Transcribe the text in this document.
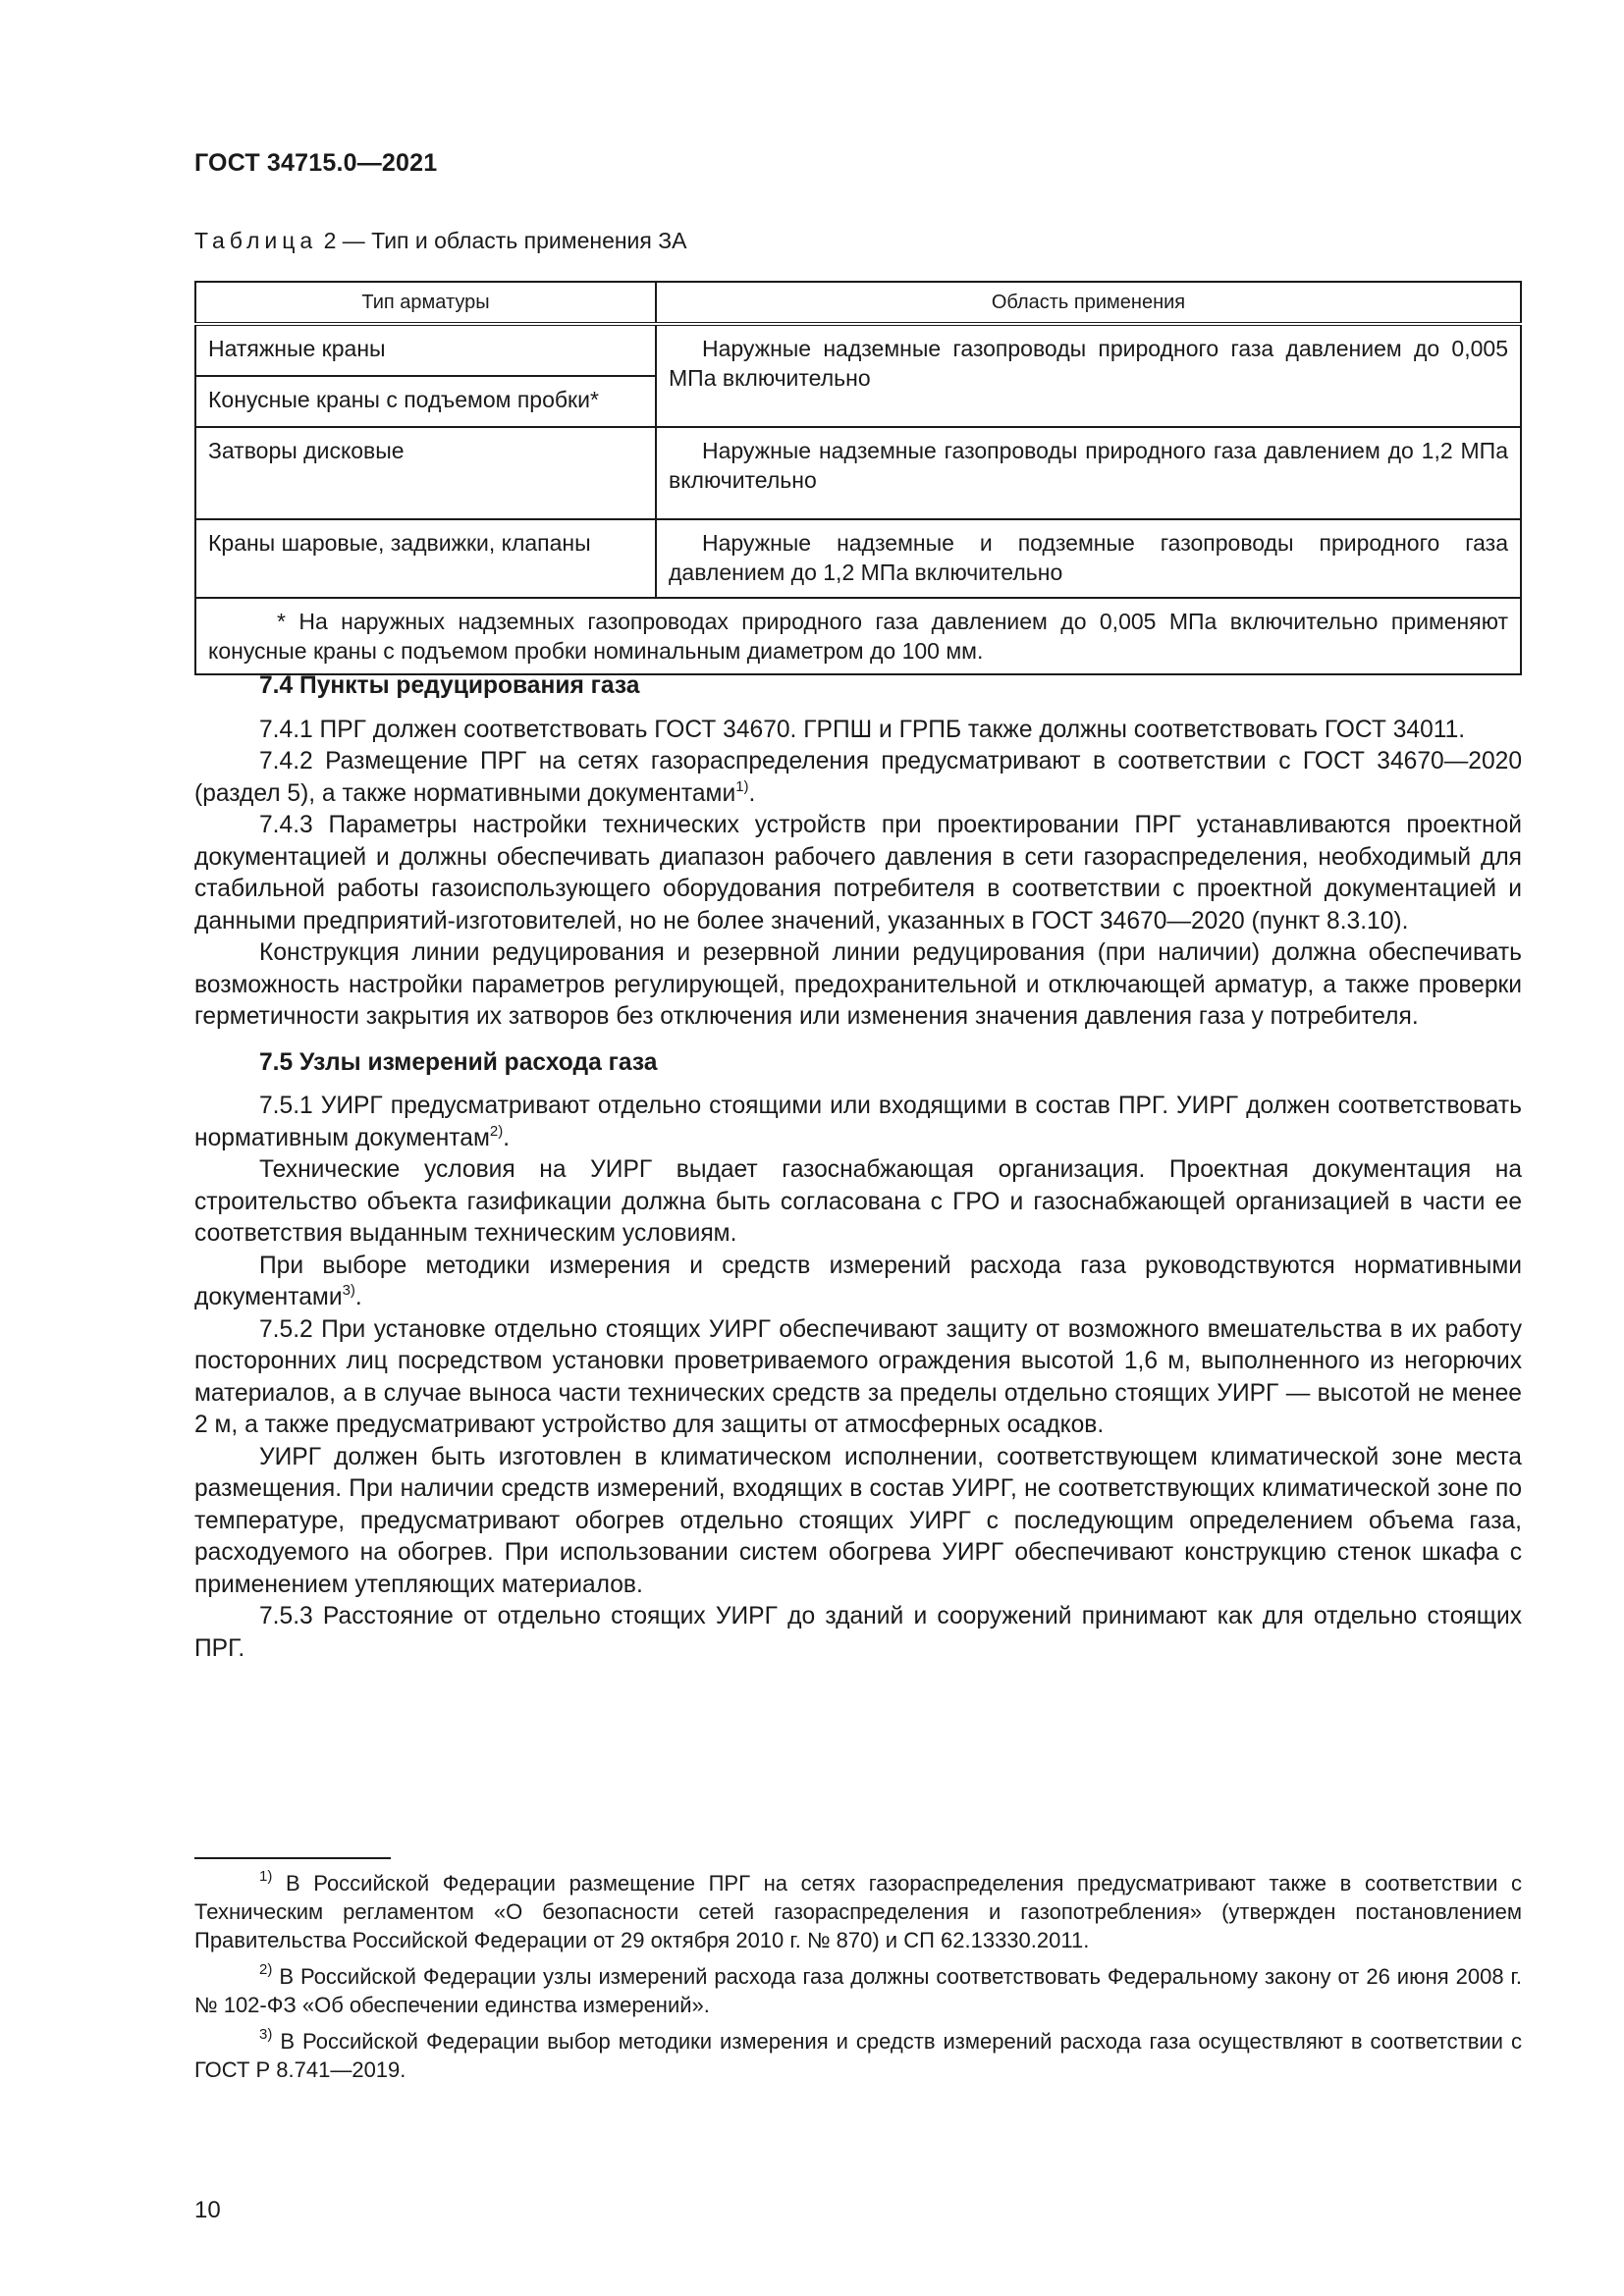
ГОСТ 34715.0—2021
Таблица 2 — Тип и область применения ЗА
Тип арматуры	Область применения
Натяжные краны	Наружные надземные газопроводы природного газа давлением до 0,005 МПа включительно
Конусные краны с подъемом пробки*	
Затворы дисковые	Наружные надземные газопроводы природного газа давлением до 1,2 МПа включительно
Краны шаровые, задвижки, клапаны	Наружные надземные и подземные газопроводы природного газа давлением до 1,2 МПа включительно
* На наружных надземных газопроводах природного газа давлением до 0,005 МПа включительно применяют конусные краны с подъемом пробки номинальным диаметром до 100 мм.	
7.4 Пункты редуцирования газа

7.4.1 ПРГ должен соответствовать ГОСТ 34670. ГРПШ и ГРПБ также должны соответствовать ГОСТ 34011.

7.4.2 Размещение ПРГ на сетях газораспределения предусматривают в соответствии с ГОСТ 34670—2020 (раздел 5), а также нормативными документами$^{1)}$.

7.4.3 Параметры настройки технических устройств при проектировании ПРГ устанавливаются проектной документацией и должны обеспечивать диапазон рабочего давления в сети газораспределения, необходимый для стабильной работы газоиспользующего оборудования потребителя в соответствии с проектной документацией и данными предприятий-изготовителей, но не более значений, указанных в ГОСТ 34670—2020 (пункт 8.3.10).

Конструкция линии редуцирования и резервной линии редуцирования (при наличии) должна обеспечивать возможность настройки параметров регулирующей, предохранительной и отключающей арматур, а также проверки герметичности закрытия их затворов без отключения или изменения значения давления газа у потребителя.

7.5 Узлы измерений расхода газа

7.5.1 УИРГ предусматривают отдельно стоящими или входящими в состав ПРГ. УИРГ должен соответствовать нормативным документам$^{2)}$.

Технические условия на УИРГ выдает газоснабжающая организация. Проектная документация на строительство объекта газификации должна быть согласована с ГРО и газоснабжающей организацией в части ее соответствия выданным техническим условиям.

При выборе методики измерения и средств измерений расхода газа руководствуются нормативными документами$^{3)}$.

7.5.2 При установке отдельно стоящих УИРГ обеспечивают защиту от возможного вмешательства в их работу посторонних лиц посредством установки проветриваемого ограждения высотой 1,6 м, выполненного из негорючих материалов, а в случае выноса части технических средств за пределы отдельно стоящих УИРГ — высотой не менее 2 м, а также предусматривают устройство для защиты от атмосферных осадков.

УИРГ должен быть изготовлен в климатическом исполнении, соответствующем климатической зоне места размещения. При наличии средств измерений, входящих в состав УИРГ, не соответствующих климатической зоне по температуре, предусматривают обогрев отдельно стоящих УИРГ с последующим определением объема газа, расходуемого на обогрев. При использовании систем обогрева УИРГ обеспечивают конструкцию стенок шкафа с применением утепляющих материалов.

7.5.3 Расстояние от отдельно стоящих УИРГ до зданий и сооружений принимают как для отдельно стоящих ПРГ.

$^{1)}$ В Российской Федерации размещение ПРГ на сетях газораспределения предусматривают также в соответствии с Техническим регламентом «О безопасности сетей газораспределения и газопотребления» (утвержден постановлением Правительства Российской Федерации от 29 октября 2010 г. № 870) и СП 62.13330.2011.

$^{2)}$ В Российской Федерации узлы измерений расхода газа должны соответствовать Федеральному закону от 26 июня 2008 г. № 102-ФЗ «Об обеспечении единства измерений».

$^{3)}$ В Российской Федерации выбор методики измерения и средств измерений расхода газа осуществляют в соответствии с ГОСТ Р 8.741—2019.

10
